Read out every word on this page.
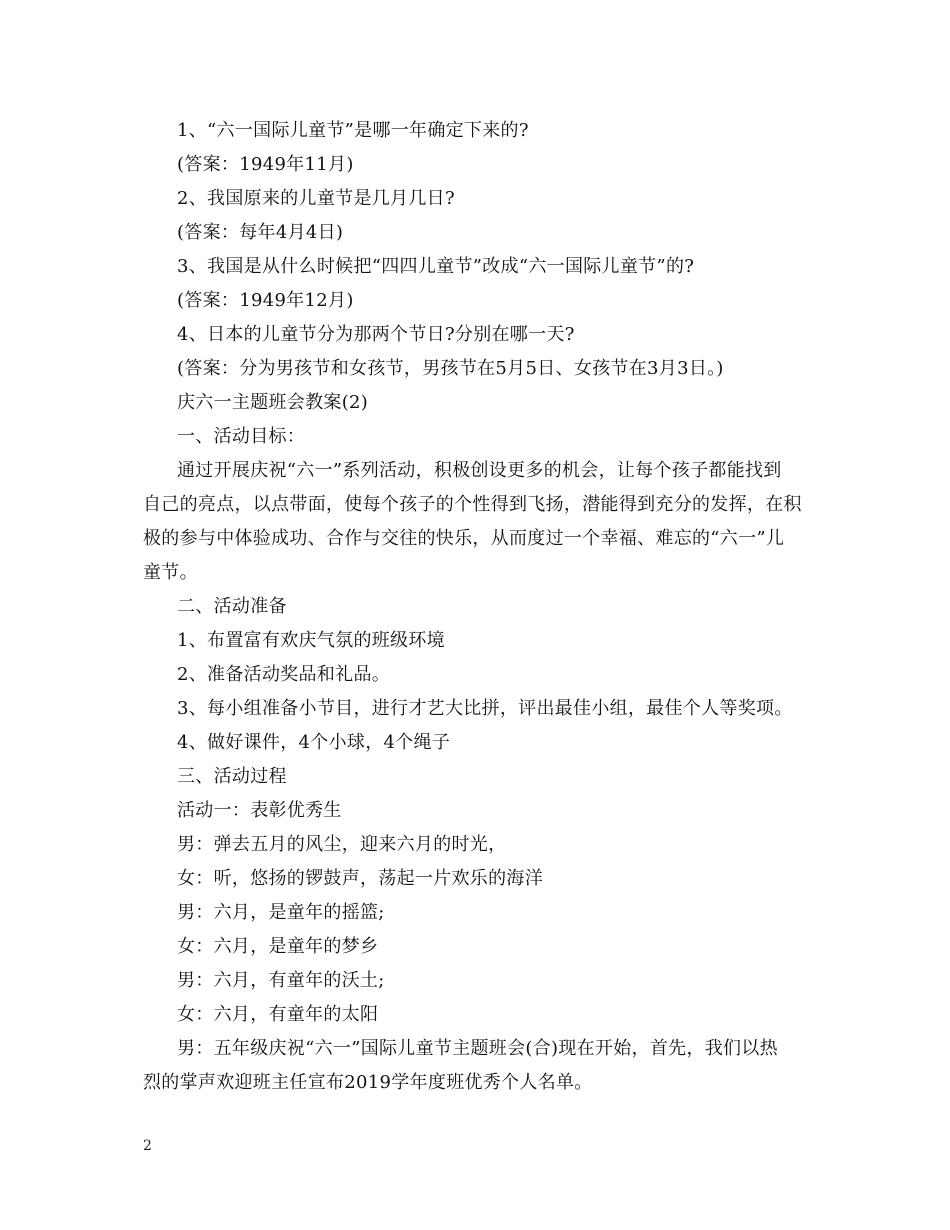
1、“六一国际儿童节”是哪一年确定下来的?
(答案：1949年11月)
2、我国原来的儿童节是几月几日?
(答案：每年4月4日)
3、我国是从什么时候把“四四儿童节”改成“六一国际儿童节”的?
(答案：1949年12月)
4、日本的儿童节分为那两个节日?分别在哪一天?
(答案：分为男孩节和女孩节，男孩节在5月5日、女孩节在3月3日。)
庆六一主题班会教案(2)
一、活动目标：
通过开展庆祝“六一”系列活动，积极创设更多的机会，让每个孩子都能找到
自己的亮点，以点带面，使每个孩子的个性得到飞扬，潜能得到充分的发挥，在积
极的参与中体验成功、合作与交往的快乐，从而度过一个幸福、难忘的“六一”儿
童节。
二、活动准备
1、布置富有欢庆气氛的班级环境
2、准备活动奖品和礼品。
3、每小组准备小节目，进行才艺大比拼，评出最佳小组，最佳个人等奖项。
4、做好课件，4个小球，4个绳子
三、活动过程
活动一：表彰优秀生
男：弹去五月的风尘，迎来六月的时光，
女：听，悠扬的锣鼓声，荡起一片欢乐的海洋
男：六月，是童年的摇篮;
女：六月，是童年的梦乡
男：六月，有童年的沃土;
女：六月，有童年的太阳
男：五年级庆祝“六一”国际儿童节主题班会(合)现在开始，首先，我们以热
烈的掌声欢迎班主任宣布2019学年度班优秀个人名单。
2
